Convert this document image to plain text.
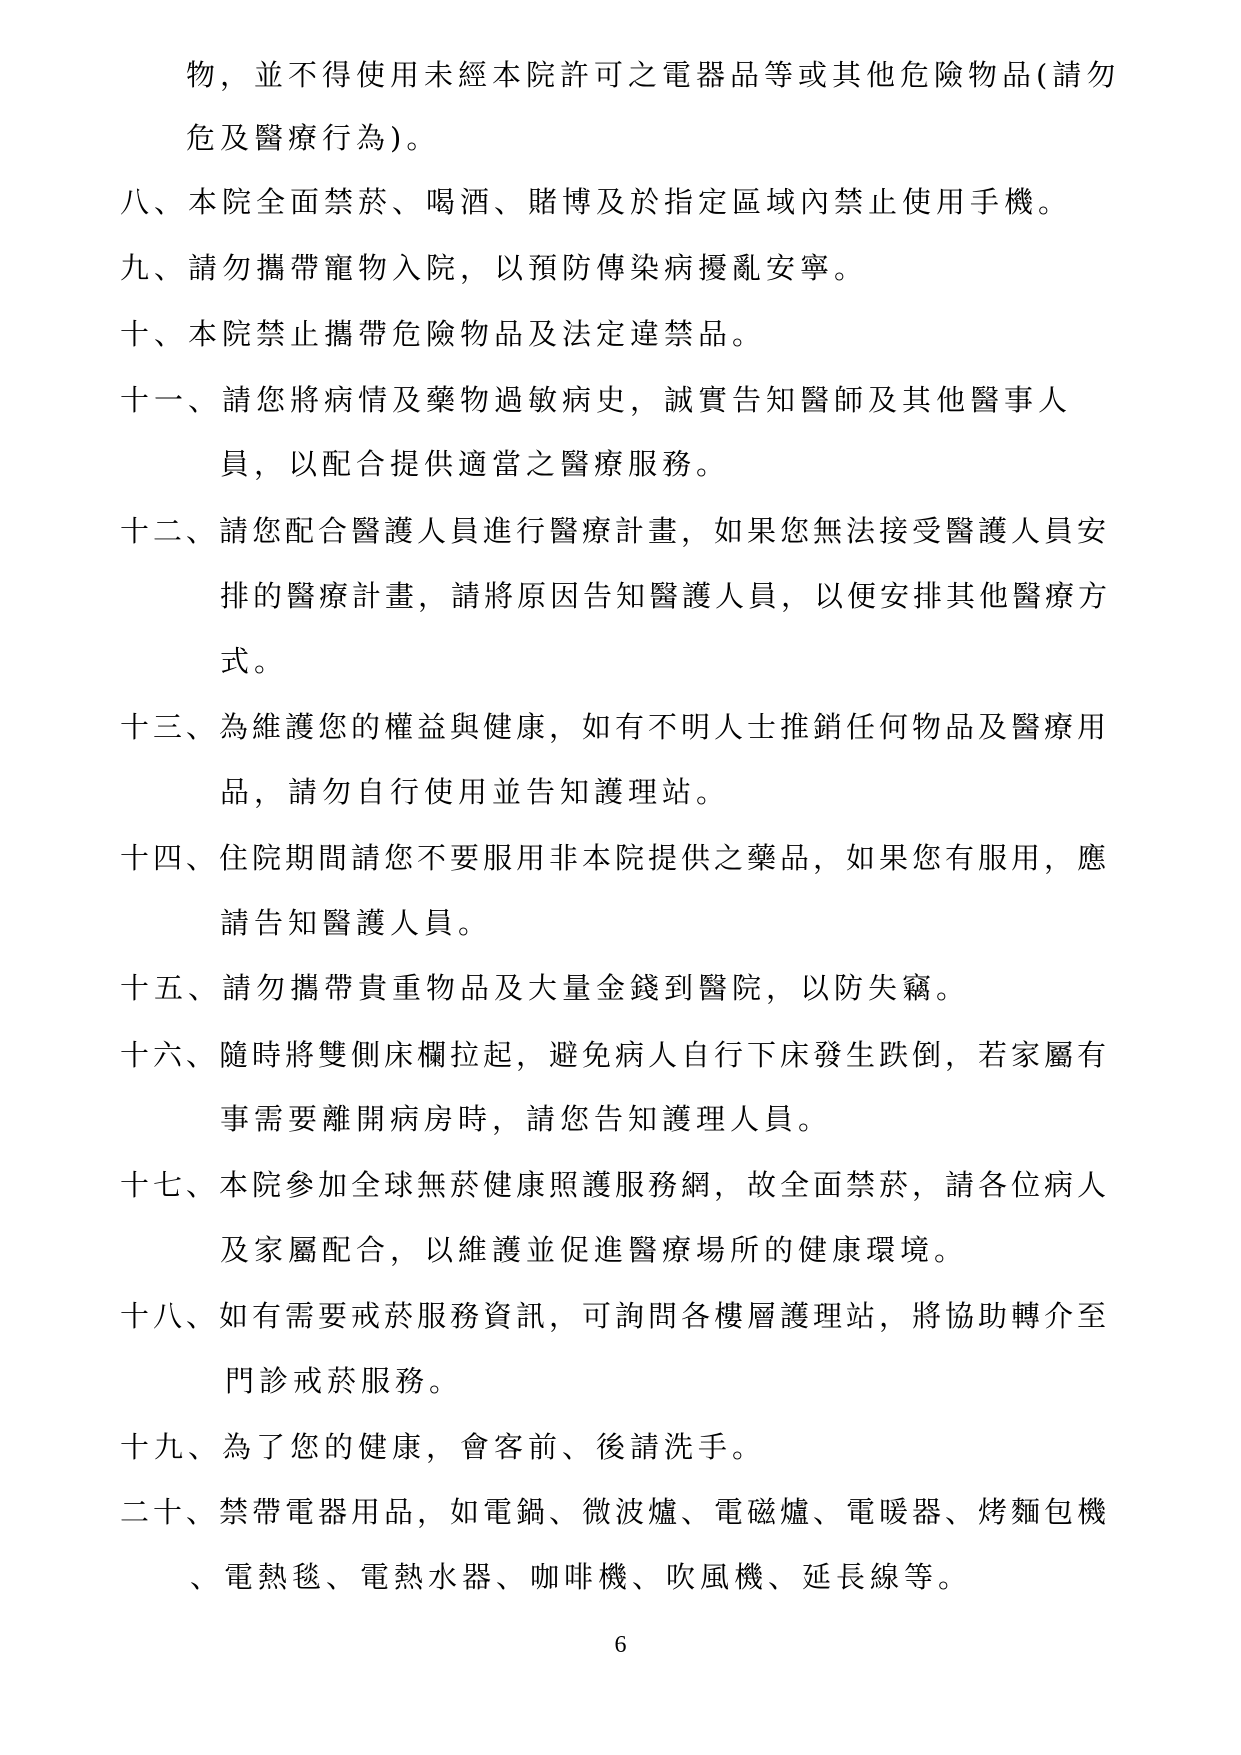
物，並不得使用未經本院許可之電器品等或其他危險物品(請勿
危及醫療行為)。
八、本院全面禁菸、喝酒、賭博及於指定區域內禁止使用手機。
九、請勿攜帶寵物入院，以預防傳染病擾亂安寧。
十、本院禁止攜帶危險物品及法定違禁品。
十一、請您將病情及藥物過敏病史，誠實告知醫師及其他醫事人
員，以配合提供適當之醫療服務。
十二、請您配合醫護人員進行醫療計畫，如果您無法接受醫護人員安
排的醫療計畫，請將原因告知醫護人員，以便安排其他醫療方
式。
十三、為維護您的權益與健康，如有不明人士推銷任何物品及醫療用
品，請勿自行使用並告知護理站。
十四、住院期間請您不要服用非本院提供之藥品，如果您有服用，應
請告知醫護人員。
十五、請勿攜帶貴重物品及大量金錢到醫院，以防失竊。
十六、隨時將雙側床欄拉起，避免病人自行下床發生跌倒，若家屬有
事需要離開病房時，請您告知護理人員。
十七、本院參加全球無菸健康照護服務網，故全面禁菸，請各位病人
及家屬配合，以維護並促進醫療場所的健康環境。
十八、如有需要戒菸服務資訊，可詢問各樓層護理站，將協助轉介至
門診戒菸服務。
十九、為了您的健康，會客前、後請洗手。
二十、禁帶電器用品，如電鍋、微波爐、電磁爐、電暖器、烤麵包機
、電熱毯、電熱水器、咖啡機、吹風機、延長線等。
6
